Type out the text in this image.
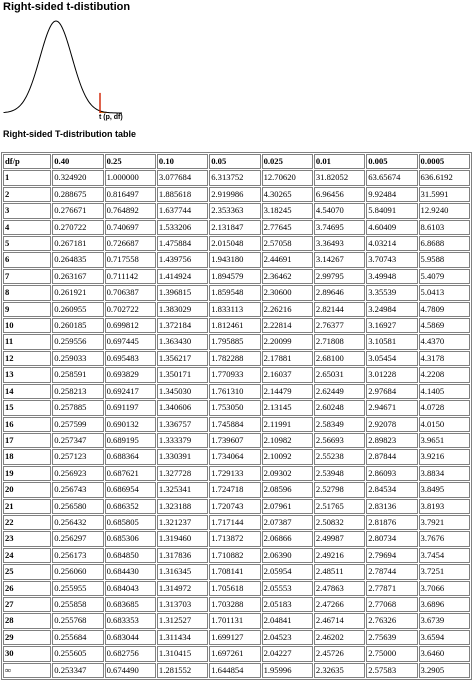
Right-sided t-distibution
t (p, df)
Right-sided T-distribution table
df/p	0.40	0.25	0.10	0.05	0.025	0.01	0.005	0.0005
1	0.324920	1.000000	3.077684	6.313752	12.70620	31.82052	63.65674	636.6192
2	0.288675	0.816497	1.885618	2.919986	4.30265	6.96456	9.92484	31.5991
3	0.276671	0.764892	1.637744	2.353363	3.18245	4.54070	5.84091	12.9240
4	0.270722	0.740697	1.533206	2.131847	2.77645	3.74695	4.60409	8.6103
5	0.267181	0.726687	1.475884	2.015048	2.57058	3.36493	4.03214	6.8688
6	0.264835	0.717558	1.439756	1.943180	2.44691	3.14267	3.70743	5.9588
7	0.263167	0.711142	1.414924	1.894579	2.36462	2.99795	3.49948	5.4079
8	0.261921	0.706387	1.396815	1.859548	2.30600	2.89646	3.35539	5.0413
9	0.260955	0.702722	1.383029	1.833113	2.26216	2.82144	3.24984	4.7809
10	0.260185	0.699812	1.372184	1.812461	2.22814	2.76377	3.16927	4.5869
11	0.259556	0.697445	1.363430	1.795885	2.20099	2.71808	3.10581	4.4370
12	0.259033	0.695483	1.356217	1.782288	2.17881	2.68100	3.05454	4.3178
13	0.258591	0.693829	1.350171	1.770933	2.16037	2.65031	3.01228	4.2208
14	0.258213	0.692417	1.345030	1.761310	2.14479	2.62449	2.97684	4.1405
15	0.257885	0.691197	1.340606	1.753050	2.13145	2.60248	2.94671	4.0728
16	0.257599	0.690132	1.336757	1.745884	2.11991	2.58349	2.92078	4.0150
17	0.257347	0.689195	1.333379	1.739607	2.10982	2.56693	2.89823	3.9651
18	0.257123	0.688364	1.330391	1.734064	2.10092	2.55238	2.87844	3.9216
19	0.256923	0.687621	1.327728	1.729133	2.09302	2.53948	2.86093	3.8834
20	0.256743	0.686954	1.325341	1.724718	2.08596	2.52798	2.84534	3.8495
21	0.256580	0.686352	1.323188	1.720743	2.07961	2.51765	2.83136	3.8193
22	0.256432	0.685805	1.321237	1.717144	2.07387	2.50832	2.81876	3.7921
23	0.256297	0.685306	1.319460	1.713872	2.06866	2.49987	2.80734	3.7676
24	0.256173	0.684850	1.317836	1.710882	2.06390	2.49216	2.79694	3.7454
25	0.256060	0.684430	1.316345	1.708141	2.05954	2.48511	2.78744	3.7251
26	0.255955	0.684043	1.314972	1.705618	2.05553	2.47863	2.77871	3.7066
27	0.255858	0.683685	1.313703	1.703288	2.05183	2.47266	2.77068	3.6896
28	0.255768	0.683353	1.312527	1.701131	2.04841	2.46714	2.76326	3.6739
29	0.255684	0.683044	1.311434	1.699127	2.04523	2.46202	2.75639	3.6594
30	0.255605	0.682756	1.310415	1.697261	2.04227	2.45726	2.75000	3.6460
∞	0.253347	0.674490	1.281552	1.644854	1.95996	2.32635	2.57583	3.2905
